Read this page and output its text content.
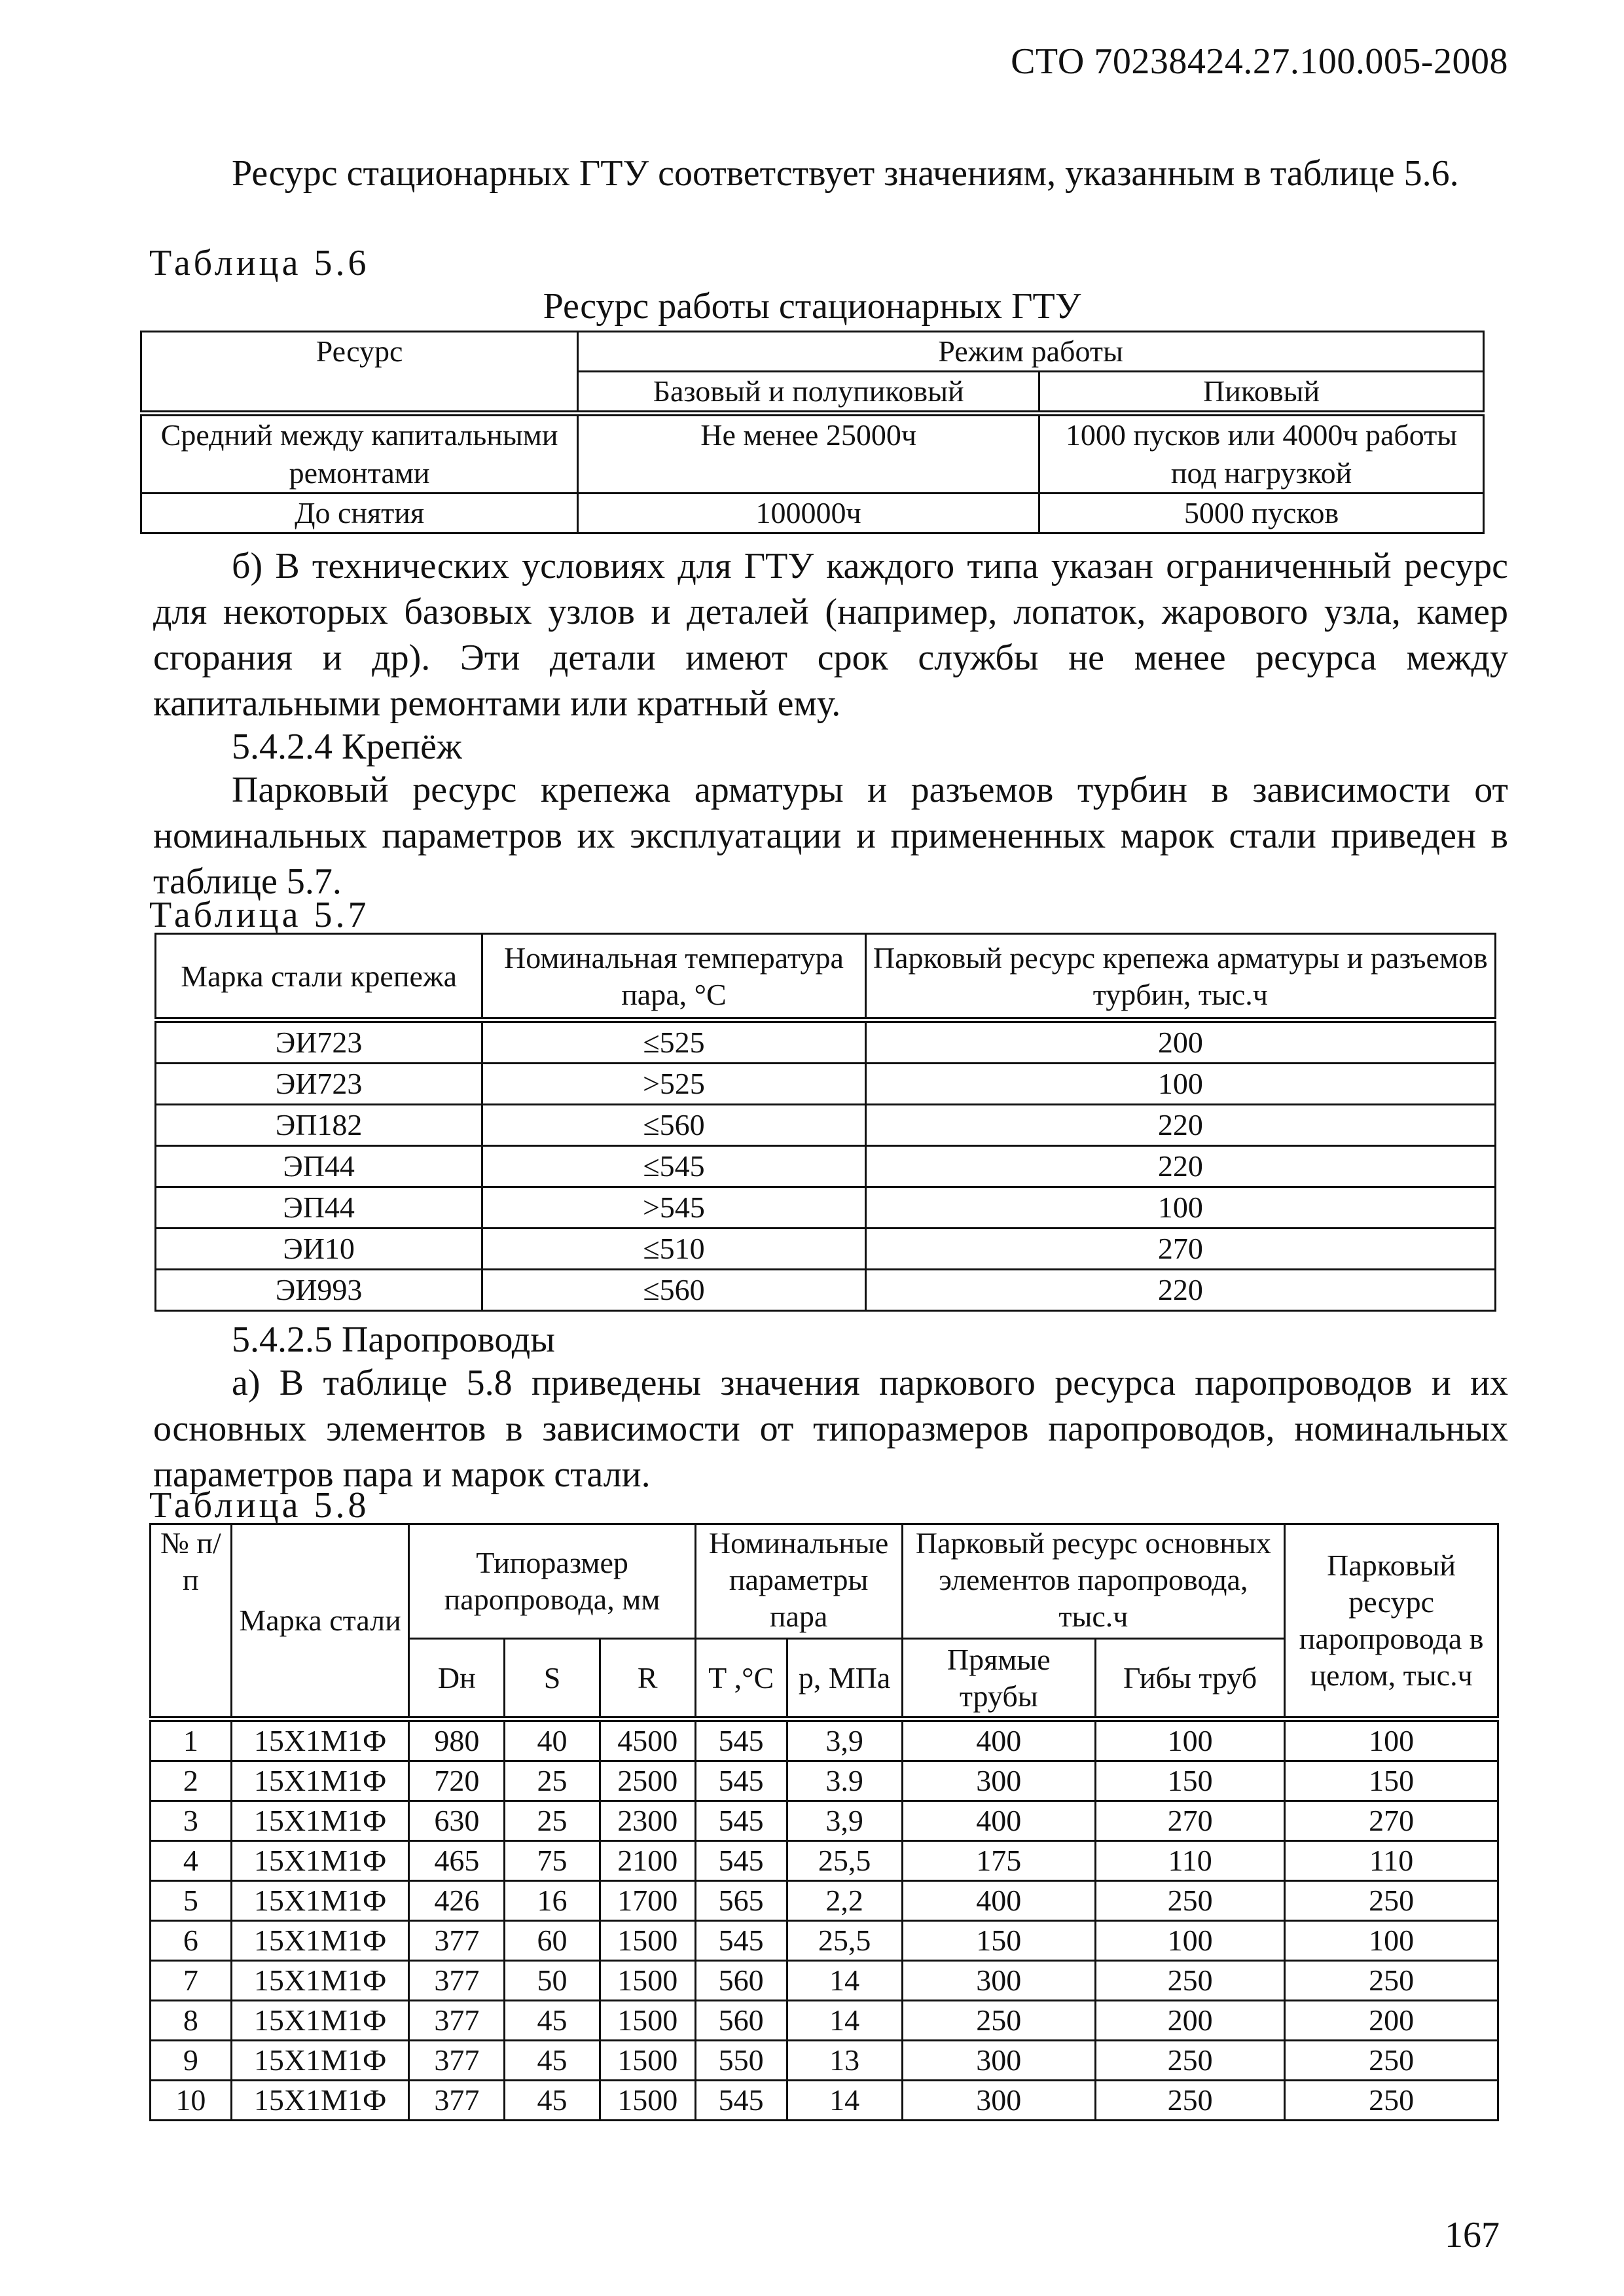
СТО 70238424.27.100.005-2008
Ресурс стационарных ГТУ соответствует значениям, указанным в таблице 5.6.
Таблица 5.6
Ресурс работы стационарных ГТУ
Ресурс	Режим работы	
	Базовый и полупиковый	Пиковый
Средний между капитальными ремонтами	Не менее 25000ч	1000 пусков или 4000ч работы под нагрузкой
До снятия	100000ч	5000 пусков
б) В технических условиях для ГТУ каждого типа указан ограниченный ресурс для некоторых базовых узлов и деталей (например, лопаток, жарового узла, камер сгорания и др). Эти детали имеют срок службы не менее ресурса между капитальными ремонтами или кратный ему.
5.4.2.4 Крепёж
Парковый ресурс крепежа арматуры и разъемов турбин в зависимости от номинальных параметров их эксплуатации и примененных марок стали приведен в таблице 5.7.
Таблица 5.7
Марка стали крепежа	Номинальная температура пара, °С	Парковый ресурс крепежа арматуры и разъемов турбин, тыс.ч
ЭИ723	≤525	200
ЭИ723	>525	100
ЭП182	≤560	220
ЭП44	≤545	220
ЭП44	>545	100
ЭИ10	≤510	270
ЭИ993	≤560	220
5.4.2.5 Паропроводы
а) В таблице 5.8 приведены значения паркового ресурса паропроводов и их основных элементов в зависимости от типоразмеров паропроводов, номинальных параметров пара и марок стали.
Таблица 5.8
№ п/п	Марка стали	Типоразмер паропровода, мм			Номинальные параметры пара		Парковый ресурс основных элементов паропровода, тыс.ч		Парковый ресурс паропровода в целом, тыс.ч
		Dн	S	R	Т ,°С	р, МПа	Прямые трубы	Гибы труб	
1	15Х1М1Ф	980	40	4500	545	3,9	400	100	100
2	15Х1М1Ф	720	25	2500	545	3.9	300	150	150
3	15Х1М1Ф	630	25	2300	545	3,9	400	270	270
4	15Х1М1Ф	465	75	2100	545	25,5	175	110	110
5	15Х1М1Ф	426	16	1700	565	2,2	400	250	250
6	15Х1М1Ф	377	60	1500	545	25,5	150	100	100
7	15Х1М1Ф	377	50	1500	560	14	300	250	250
8	15Х1М1Ф	377	45	1500	560	14	250	200	200
9	15Х1М1Ф	377	45	1500	550	13	300	250	250
10	15Х1М1Ф	377	45	1500	545	14	300	250	250
167
